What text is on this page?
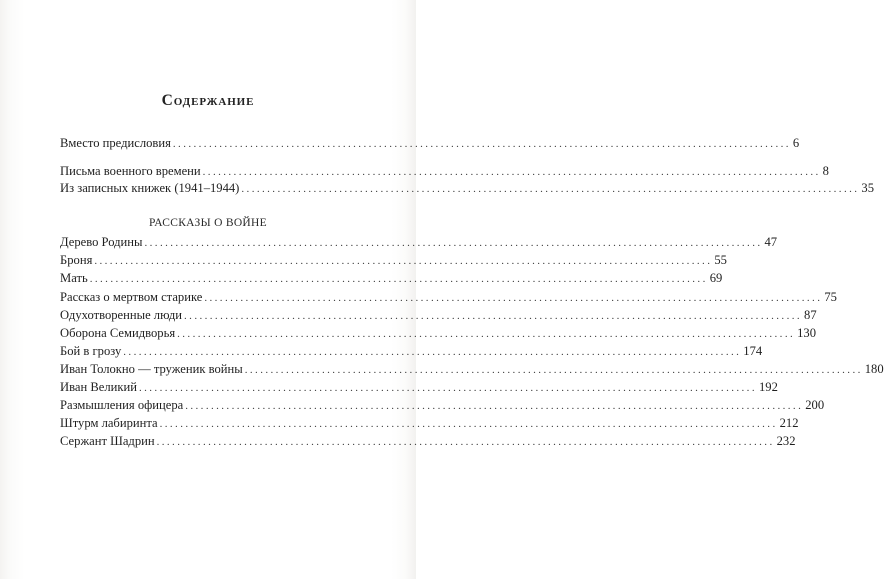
Содержание
Вместо предисловия ........................................................................................................................ 6
Письма военного времени ........................................................................................................................ 8
Из записных книжек (1941–1944) ........................................................................................................................ 35
РАССКАЗЫ О ВОЙНЕ
Дерево Родины ........................................................................................................................ 47
Броня ........................................................................................................................ 55
Мать ........................................................................................................................ 69
Рассказ о мертвом старике ........................................................................................................................ 75
Одухотворенные люди ........................................................................................................................ 87
Оборона Семидворья ........................................................................................................................ 130
Бой в грозу ........................................................................................................................ 174
Иван Толокно — труженик войны ........................................................................................................................ 180
Иван Великий ........................................................................................................................ 192
Размышления офицера ........................................................................................................................ 200
Штурм лабиринта ........................................................................................................................ 212
Сержант Шадрин ........................................................................................................................ 232
